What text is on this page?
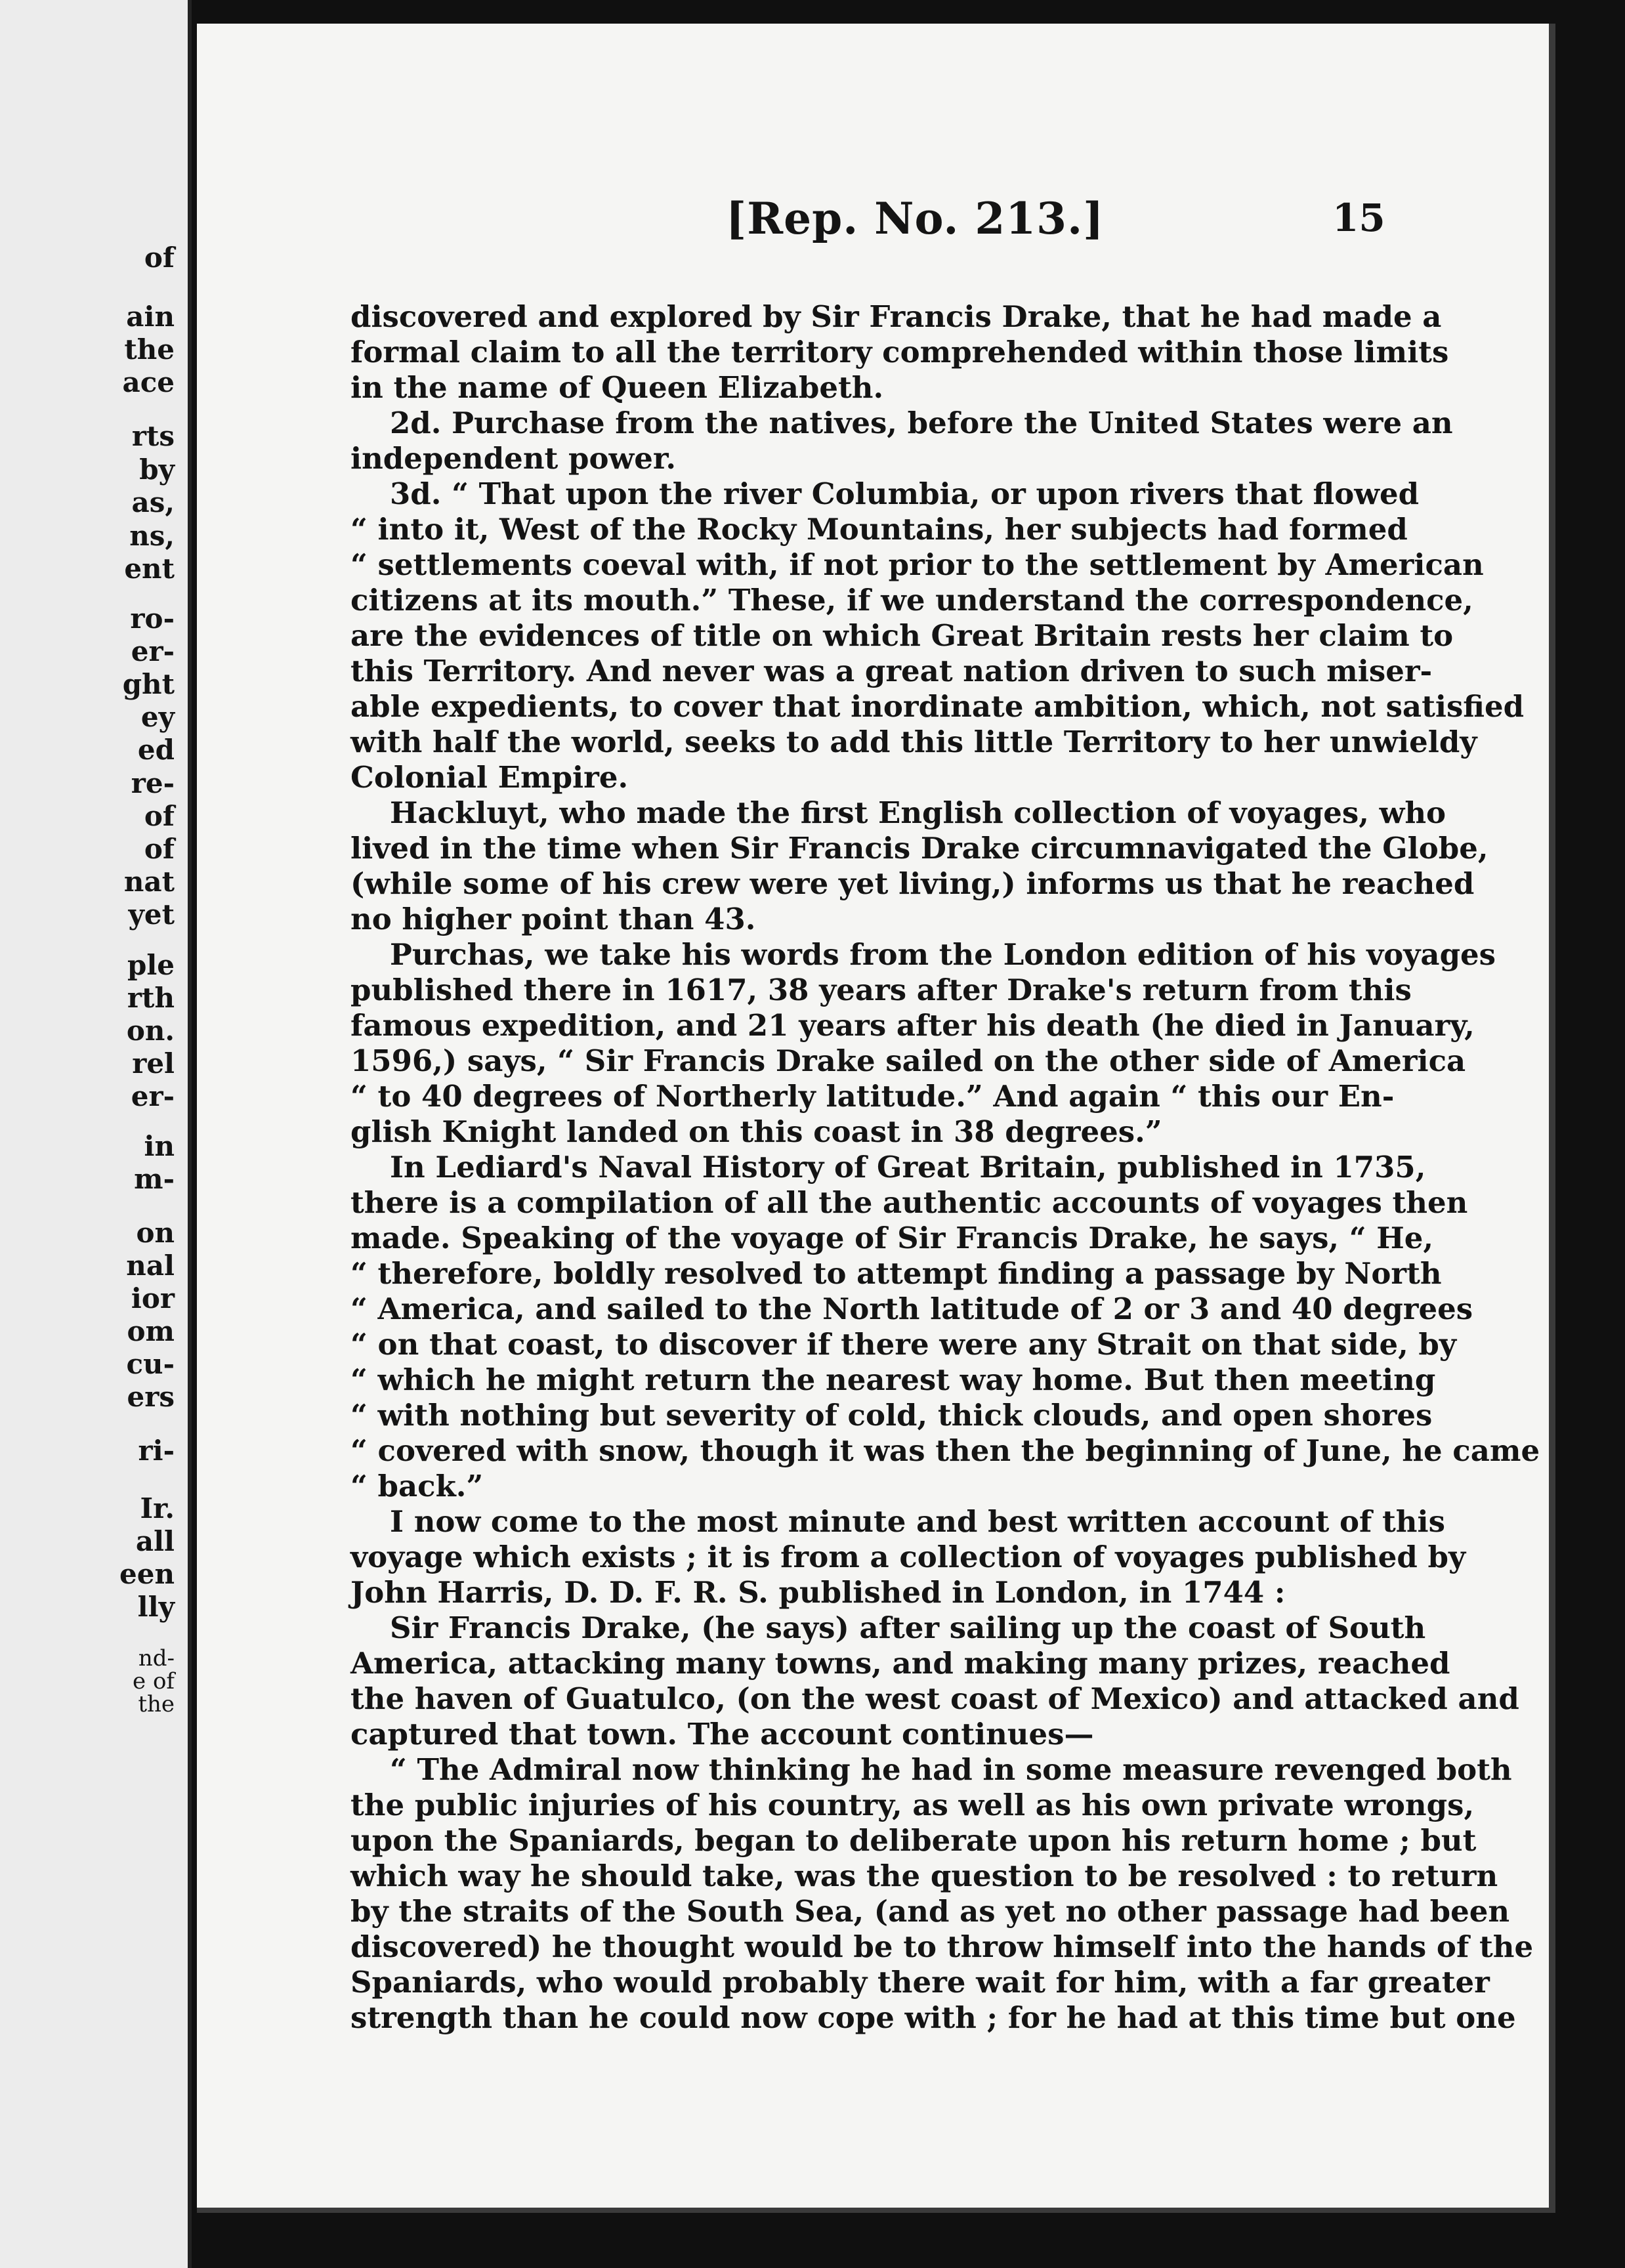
of
ain
the
ace
rts
by
as,
ns,
ent
ro-
er-
ght
ey
ed
re-
of
of
nat
yet
ple
rth
on.
rel
er-
in
m-
on
nal
ior
om
cu-
ers
ri-
Ir.
all
een
lly
nd-
e of
the
[Rep. No. 213.]	15
discovered and explored by Sir Francis Drake, that he had made a
formal claim to all the territory comprehended within those limits
in the name of Queen Elizabeth.
2d. Purchase from the natives, before the United States were an
independent power.
3d. “ That upon the river Columbia, or upon rivers that flowed
“ into it, West of the Rocky Mountains, her subjects had formed
“ settlements coeval with, if not prior to the settlement by American
citizens at its mouth.” These, if we understand the correspondence,
are the evidences of title on which Great Britain rests her claim to
this Territory. And never was a great nation driven to such miser-
able expedients, to cover that inordinate ambition, which, not satisfied
with half the world, seeks to add this little Territory to her unwieldy
Colonial Empire.
Hackluyt, who made the first English collection of voyages, who
lived in the time when Sir Francis Drake circumnavigated the Globe,
(while some of his crew were yet living,) informs us that he reached
no higher point than 43.
Purchas, we take his words from the London edition of his voyages
published there in 1617, 38 years after Drake's return from this
famous expedition, and 21 years after his death (he died in January,
1596,) says, “ Sir Francis Drake sailed on the other side of America
“ to 40 degrees of Northerly latitude.” And again “ this our En-
glish Knight landed on this coast in 38 degrees.”
In Lediard's Naval History of Great Britain, published in 1735,
there is a compilation of all the authentic accounts of voyages then
made. Speaking of the voyage of Sir Francis Drake, he says, “ He,
“ therefore, boldly resolved to attempt finding a passage by North
“ America, and sailed to the North latitude of 2 or 3 and 40 degrees
“ on that coast, to discover if there were any Strait on that side, by
“ which he might return the nearest way home. But then meeting
“ with nothing but severity of cold, thick clouds, and open shores
“ covered with snow, though it was then the beginning of June, he came
“ back.”
I now come to the most minute and best written account of this
voyage which exists ; it is from a collection of voyages published by
John Harris, D. D. F. R. S. published in London, in 1744 :
Sir Francis Drake, (he says) after sailing up the coast of South
America, attacking many towns, and making many prizes, reached
the haven of Guatulco, (on the west coast of Mexico) and attacked and
captured that town. The account continues—
“ The Admiral now thinking he had in some measure revenged both
the public injuries of his country, as well as his own private wrongs,
upon the Spaniards, began to deliberate upon his return home ; but
which way he should take, was the question to be resolved : to return
by the straits of the South Sea, (and as yet no other passage had been
discovered) he thought would be to throw himself into the hands of the
Spaniards, who would probably there wait for him, with a far greater
strength than he could now cope with ; for he had at this time but one
